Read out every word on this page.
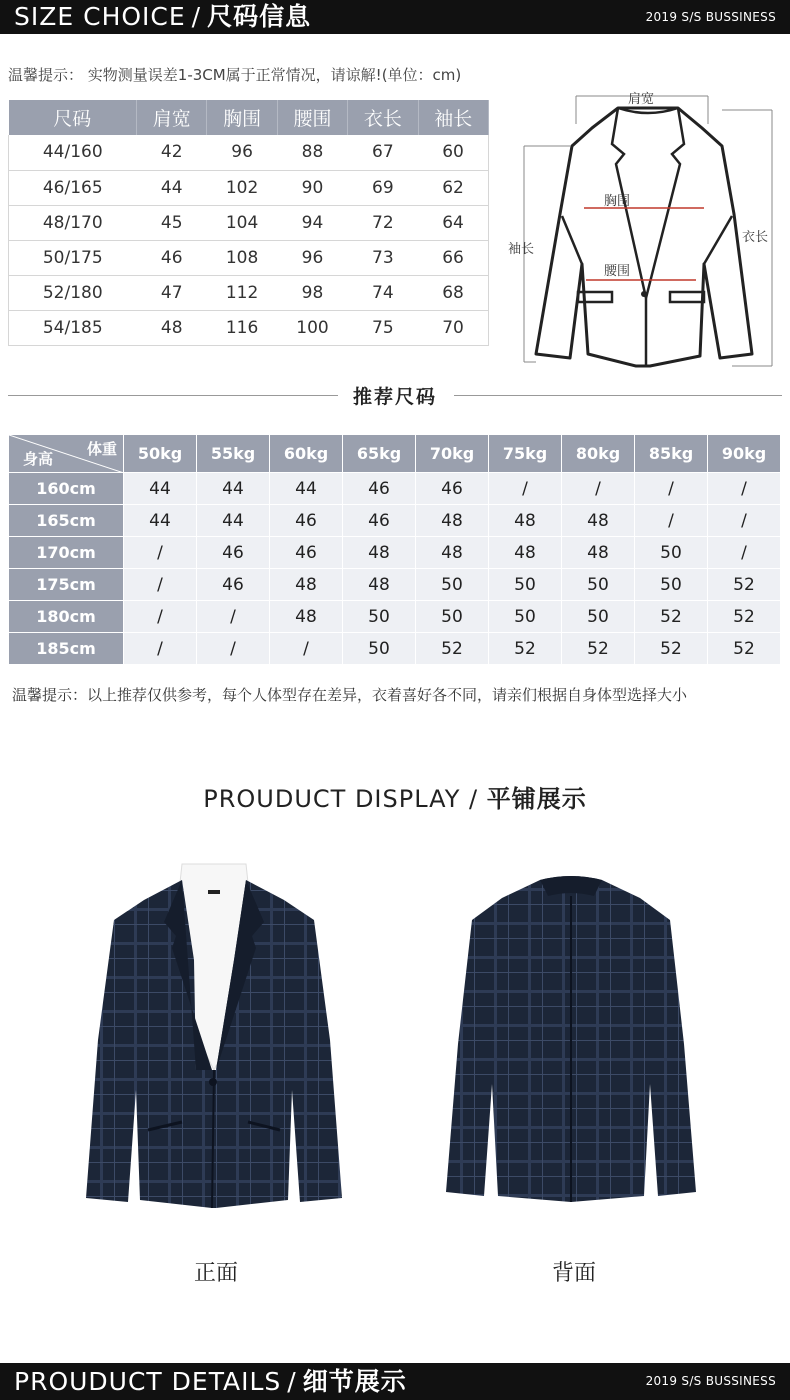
SIZE CHOICE / 尺码信息	2019 S/S BUSSINESS
温馨提示： 实物测量误差1-3CM属于正常情况，请谅解!(单位：cm)
尺码	肩宽	胸围	腰围	衣长	袖长
44/160	42	96	88	67	60
46/165	44	102	90	69	62
48/170	45	104	94	72	64
50/175	46	108	96	73	66
52/180	47	112	98	74	68
54/185	48	116	100	75	70
肩宽
胸围
腰围
袖长
衣长
推荐尺码
体重
身高	50kg	55kg	60kg	65kg	70kg	75kg	80kg	85kg	90kg
160cm	44	44	44	46	46	/	/	/	/
165cm	44	44	46	46	48	48	48	/	/
170cm	/	46	46	48	48	48	48	50	/
175cm	/	46	48	48	50	50	50	50	52
180cm	/	/	48	50	50	50	50	52	52
185cm	/	/	/	50	52	52	52	52	52
温馨提示：以上推荐仅供参考，每个人体型存在差异，衣着喜好各不同，请亲们根据自身体型选择大小
PROUDUCT DISPLAY / 平铺展示
正面	背面
PROUDUCT DETAILS / 细节展示	2019 S/S BUSSINESS
